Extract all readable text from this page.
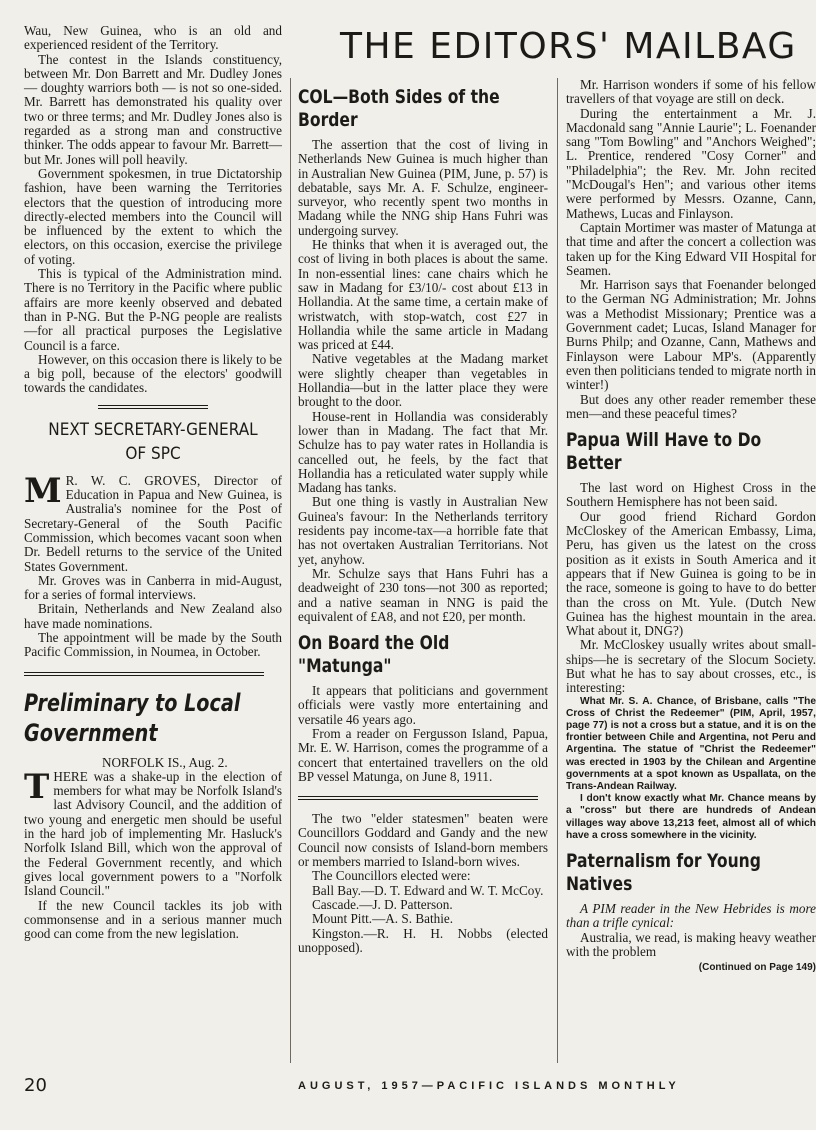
THE EDITORS' MAILBAG

Wau, New Guinea, who is an old and experienced resident of the Territory.

The contest in the Islands constituency, between Mr. Don Barrett and Mr. Dudley Jones — doughty warriors both — is not so one-sided. Mr. Barrett has demonstrated his quality over two or three terms; and Mr. Dudley Jones also is regarded as a strong man and constructive thinker. The odds appear to favour Mr. Barrett—but Mr. Jones will poll heavily.

Government spokesmen, in true Dictatorship fashion, have been warning the Territories electors that the question of introducing more directly-elected members into the Council will be influenced by the extent to which the electors, on this occasion, exercise the privilege of voting.

This is typical of the Administration mind. There is no Territory in the Pacific where public affairs are more keenly observed and debated than in P-NG. But the P-NG people are realists—for all practical purposes the Legislative Council is a farce.

However, on this occasion there is likely to be a big poll, because of the electors' goodwill towards the candidates.

NEXT SECRETARY-GENERAL OF SPC

M R. W. C. GROVES, Director of Education in Papua and New Guinea, is Australia's nominee for the Post of Secretary-General of the South Pacific Commission, which becomes vacant soon when Dr. Bedell returns to the service of the United States Government.

Mr. Groves was in Canberra in mid-August, for a series of formal interviews.

Britain, Netherlands and New Zealand also have made nominations.

The appointment will be made by the South Pacific Commission, in Noumea, in October.

Preliminary to Local Government

NORFOLK IS., Aug. 2.

THERE was a shake-up in the election of members for what may be Norfolk Island's last Advisory Council, and the addition of two young and energetic men should be useful in the hard job of implementing Mr. Hasluck's Norfolk Island Bill, which won the approval of the Federal Government recently, and which gives local government powers to a "Norfolk Island Council."

If the new Council tackles its job with commonsense and in a serious manner much good can come from the new legislation.

COL—Both Sides of the Border

The assertion that the cost of living in Netherlands New Guinea is much higher than in Australian New Guinea (PIM, June, p. 57) is debatable, says Mr. A. F. Schulze, engineer-surveyor, who recently spent two months in Madang while the NNG ship Hans Fuhri was undergoing survey.

He thinks that when it is averaged out, the cost of living in both places is about the same. In non-essential lines: cane chairs which he saw in Madang for £3/10/- cost about £13 in Hollandia. At the same time, a certain make of wristwatch, with stop-watch, cost £27 in Hollandia while the same article in Madang was priced at £44.

Native vegetables at the Madang market were slightly cheaper than vegetables in Hollandia—but in the latter place they were brought to the door.

House-rent in Hollandia was considerably lower than in Madang. The fact that Mr. Schulze has to pay water rates in Hollandia is cancelled out, he feels, by the fact that Hollandia has a reticulated water supply while Madang has tanks.

But one thing is vastly in Australian New Guinea's favour: In the Netherlands territory residents pay income-tax—a horrible fate that has not overtaken Australian Territorians. Not yet, anyhow.

Mr. Schulze says that Hans Fuhri has a deadweight of 230 tons—not 300 as reported; and a native seaman in NNG is paid the equivalent of £A8, and not £20, per month.

On Board the Old "Matunga"

It appears that politicians and government officials were vastly more entertaining and versatile 46 years ago.

From a reader on Fergusson Island, Papua, Mr. E. W. Harrison, comes the programme of a concert that entertained travellers on the old BP vessel Matunga, on June 8, 1911.

The two "elder statesmen" beaten were Councillors Goddard and Gandy and the new Council now consists of Island-born members or members married to Island-born wives.

The Councillors elected were:

Ball Bay.—D. T. Edward and W. T. McCoy.

Cascade.—J. D. Patterson.

Mount Pitt.—A. S. Bathie.

Kingston.—R. H. H. Nobbs (elected unopposed).

Mr. Harrison wonders if some of his fellow travellers of that voyage are still on deck.

During the entertainment a Mr. J. Macdonald sang "Annie Laurie"; L. Foenander sang "Tom Bowling" and "Anchors Weighed"; L. Prentice, rendered "Cosy Corner" and "Philadelphia"; the Rev. Mr. John recited "McDougal's Hen"; and various other items were performed by Messrs. Ozanne, Cann, Mathews, Lucas and Finlayson.

Captain Mortimer was master of Matunga at that time and after the concert a collection was taken up for the King Edward VII Hospital for Seamen.

Mr. Harrison says that Foenander belonged to the German NG Administration; Mr. Johns was a Methodist Missionary; Prentice was a Government cadet; Lucas, Island Manager for Burns Philp; and Ozanne, Cann, Mathews and Finlayson were Labour MP's. (Apparently even then politicians tended to migrate north in winter!)

But does any other reader remember these men—and these peaceful times?

Papua Will Have to Do Better

The last word on Highest Cross in the Southern Hemisphere has not been said.

Our good friend Richard Gordon McCloskey of the American Embassy, Lima, Peru, has given us the latest on the cross position as it exists in South America and it appears that if New Guinea is going to be in the race, someone is going to have to do better than the cross on Mt. Yule. (Dutch New Guinea has the highest mountain in the area. What about it, DNG?)

Mr. McCloskey usually writes about small-ships—he is secretary of the Slocum Society. But what he has to say about crosses, etc., is interesting:

What Mr. S. A. Chance, of Brisbane, calls "The Cross of Christ the Redeemer" (PIM, April, 1957, page 77) is not a cross but a statue, and it is on the frontier between Chile and Argentina, not Peru and Argentina. The statue of "Christ the Redeemer" was erected in 1903 by the Chilean and Argentine governments at a spot known as Uspallata, on the Trans-Andean Railway.

I don't know exactly what Mr. Chance means by a "cross" but there are hundreds of Andean villages way above 13,213 feet, almost all of which have a cross somewhere in the vicinity.

Paternalism for Young Natives

A PIM reader in the New Hebrides is more than a trifle cynical:

Australia, we read, is making heavy weather with the problem

(Continued on Page 149)
20	AUGUST, 1957—PACIFIC ISLANDS MONTHLY
